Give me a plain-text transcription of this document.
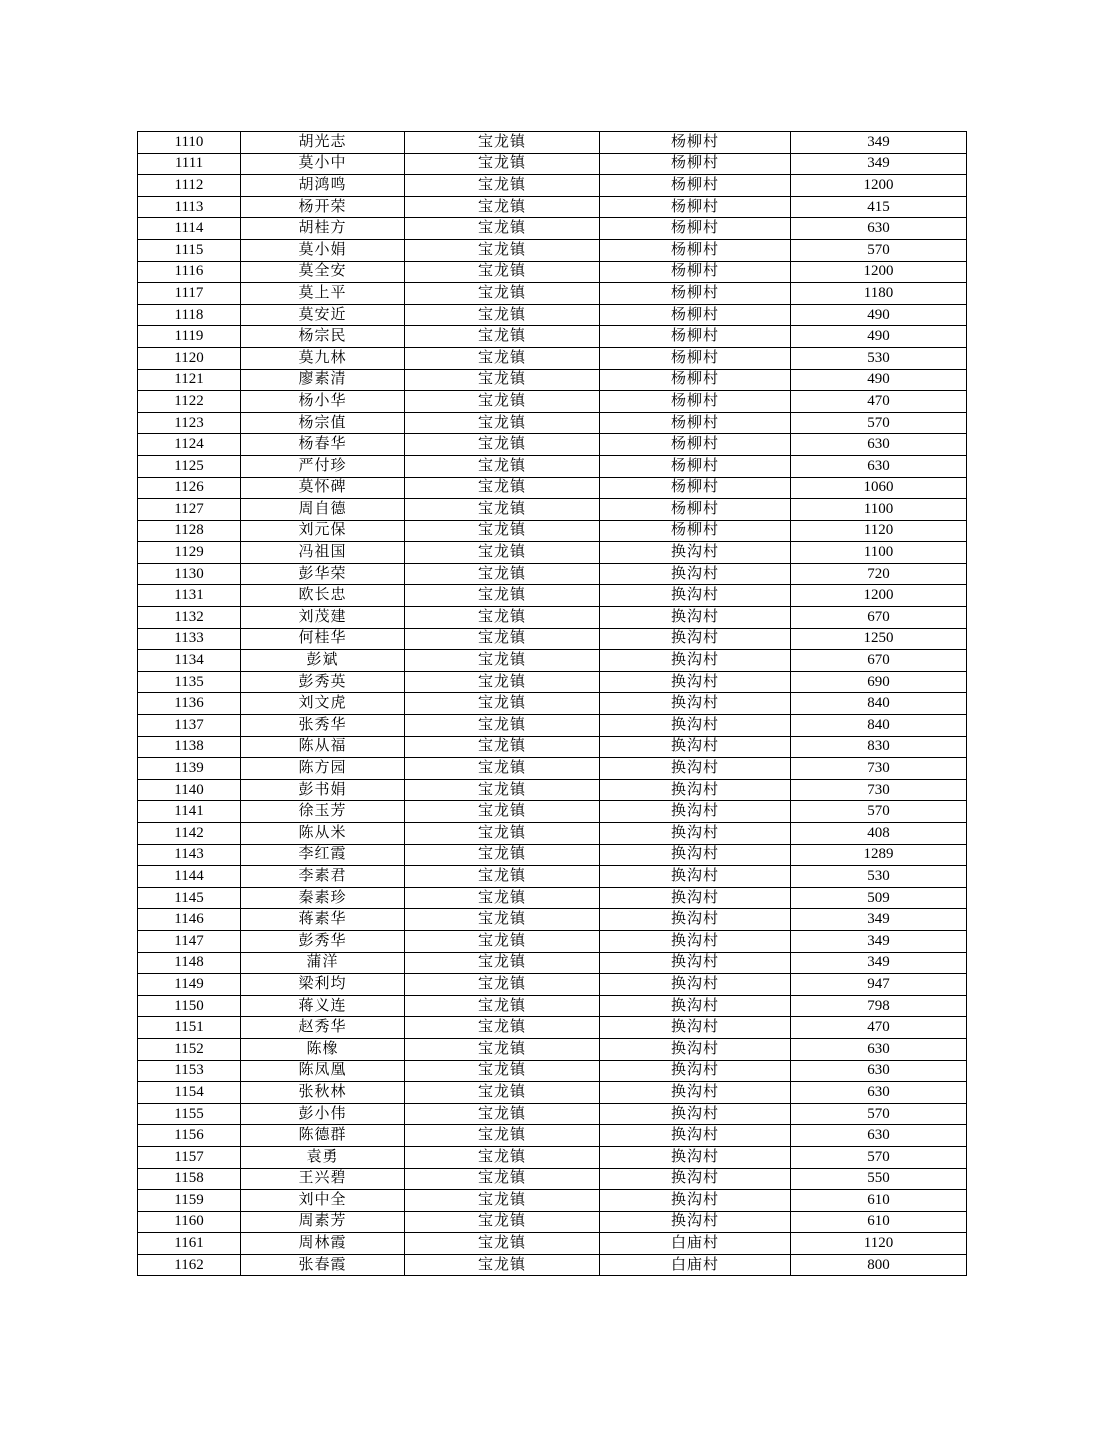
1110	胡光志	宝龙镇	杨柳村	349
1111	莫小中	宝龙镇	杨柳村	349
1112	胡鸿鸣	宝龙镇	杨柳村	1200
1113	杨开荣	宝龙镇	杨柳村	415
1114	胡桂方	宝龙镇	杨柳村	630
1115	莫小娟	宝龙镇	杨柳村	570
1116	莫全安	宝龙镇	杨柳村	1200
1117	莫上平	宝龙镇	杨柳村	1180
1118	莫安近	宝龙镇	杨柳村	490
1119	杨宗民	宝龙镇	杨柳村	490
1120	莫九林	宝龙镇	杨柳村	530
1121	廖素清	宝龙镇	杨柳村	490
1122	杨小华	宝龙镇	杨柳村	470
1123	杨宗值	宝龙镇	杨柳村	570
1124	杨春华	宝龙镇	杨柳村	630
1125	严付珍	宝龙镇	杨柳村	630
1126	莫怀碑	宝龙镇	杨柳村	1060
1127	周自德	宝龙镇	杨柳村	1100
1128	刘元保	宝龙镇	杨柳村	1120
1129	冯祖国	宝龙镇	换沟村	1100
1130	彭华荣	宝龙镇	换沟村	720
1131	欧长忠	宝龙镇	换沟村	1200
1132	刘茂建	宝龙镇	换沟村	670
1133	何桂华	宝龙镇	换沟村	1250
1134	彭斌	宝龙镇	换沟村	670
1135	彭秀英	宝龙镇	换沟村	690
1136	刘文虎	宝龙镇	换沟村	840
1137	张秀华	宝龙镇	换沟村	840
1138	陈从福	宝龙镇	换沟村	830
1139	陈方园	宝龙镇	换沟村	730
1140	彭书娟	宝龙镇	换沟村	730
1141	徐玉芳	宝龙镇	换沟村	570
1142	陈从米	宝龙镇	换沟村	408
1143	李红霞	宝龙镇	换沟村	1289
1144	李素君	宝龙镇	换沟村	530
1145	秦素珍	宝龙镇	换沟村	509
1146	蒋素华	宝龙镇	换沟村	349
1147	彭秀华	宝龙镇	换沟村	349
1148	蒲洋	宝龙镇	换沟村	349
1149	梁利均	宝龙镇	换沟村	947
1150	蒋义连	宝龙镇	换沟村	798
1151	赵秀华	宝龙镇	换沟村	470
1152	陈橡	宝龙镇	换沟村	630
1153	陈凤凰	宝龙镇	换沟村	630
1154	张秋林	宝龙镇	换沟村	630
1155	彭小伟	宝龙镇	换沟村	570
1156	陈德群	宝龙镇	换沟村	630
1157	袁勇	宝龙镇	换沟村	570
1158	王兴碧	宝龙镇	换沟村	550
1159	刘中全	宝龙镇	换沟村	610
1160	周素芳	宝龙镇	换沟村	610
1161	周林霞	宝龙镇	白庙村	1120
1162	张春霞	宝龙镇	白庙村	800
